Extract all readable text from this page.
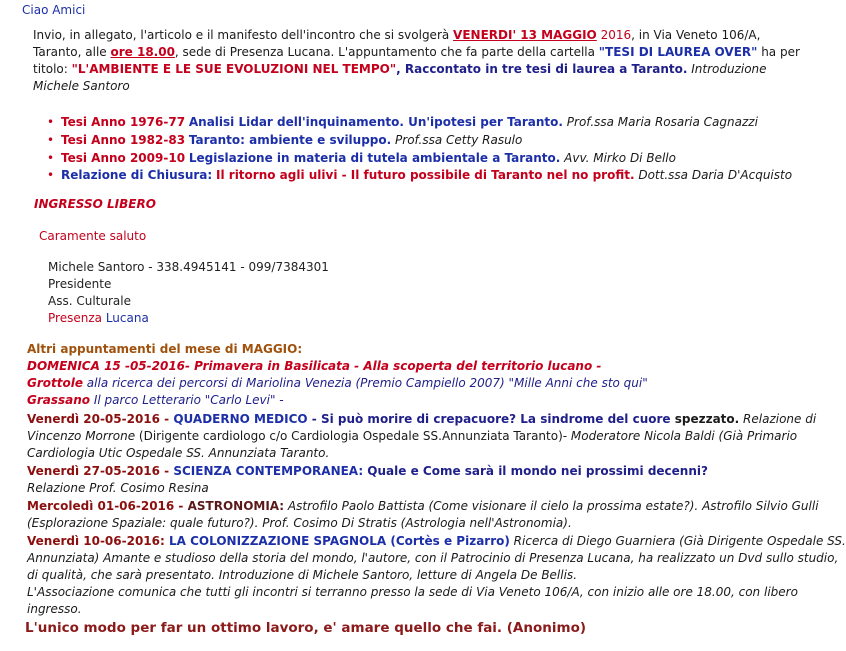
Ciao Amici
Invio, in allegato, l'articolo e il manifesto dell'incontro che si svolgerà VENERDI' 13 MAGGIO 2016, in Via Veneto 106/A,
Taranto, alle ore 18.00, sede di Presenza Lucana. L'appuntamento che fa parte della cartella "TESI DI LAUREA OVER" ha per
titolo: "L'AMBIENTE E LE SUE EVOLUZIONI NEL TEMPO", Raccontato in tre tesi di laurea a Taranto. Introduzione
Michele Santoro
• Tesi Anno 1976-77 Analisi Lidar dell'inquinamento. Un'ipotesi per Taranto. Prof.ssa Maria Rosaria Cagnazzi
• Tesi Anno 1982-83 Taranto: ambiente e sviluppo. Prof.ssa Cetty Rasulo
• Tesi Anno 2009-10 Legislazione in materia di tutela ambientale a Taranto. Avv. Mirko Di Bello
• Relazione di Chiusura: Il ritorno agli ulivi - Il futuro possibile di Taranto nel no profit. Dott.ssa Daria D'Acquisto
INGRESSO LIBERO
Caramente saluto
Michele Santoro - 338.4945141 - 099/7384301
Presidente
Ass. Culturale
Presenza Lucana
Altri appuntamenti del mese di MAGGIO:
DOMENICA 15 -05-2016- Primavera in Basilicata - Alla scoperta del territorio lucano -
Grottole alla ricerca dei percorsi di Mariolina Venezia (Premio Campiello 2007) "Mille Anni che sto qui"
Grassano Il parco Letterario "Carlo Levi" -
Venerdì 20-05-2016 - QUADERNO MEDICO - Si può morire di crepacuore? La sindrome del cuore spezzato. Relazione di
Vincenzo Morrone (Dirigente cardiologo c/o Cardiologia Ospedale SS.Annunziata Taranto)- Moderatore Nicola Baldi (Già Primario
Cardiologia Utic Ospedale SS. Annunziata Taranto.
Venerdì 27-05-2016 - SCIENZA CONTEMPORANEA: Quale e Come sarà il mondo nei prossimi decenni?
Relazione Prof. Cosimo Resina
Mercoledì 01-06-2016 - ASTRONOMIA: Astrofilo Paolo Battista (Come visionare il cielo la prossima estate?). Astrofilo Silvio Gulli
(Esplorazione Spaziale: quale futuro?). Prof. Cosimo Di Stratis (Astrologia nell'Astronomia).
Venerdì 10-06-2016: LA COLONIZZAZIONE SPAGNOLA (Cortès e Pizarro) Ricerca di Diego Guarniera (Già Dirigente Ospedale SS.
Annunziata) Amante e studioso della storia del mondo, l'autore, con il Patrocinio di Presenza Lucana, ha realizzato un Dvd sullo studio,
di qualità, che sarà presentato. Introduzione di Michele Santoro, letture di Angela De Bellis.
L'Associazione comunica che tutti gli incontri si terranno presso la sede di Via Veneto 106/A, con inizio alle ore 18.00, con libero
ingresso.
L'unico modo per far un ottimo lavoro, e' amare quello che fai. (Anonimo)
